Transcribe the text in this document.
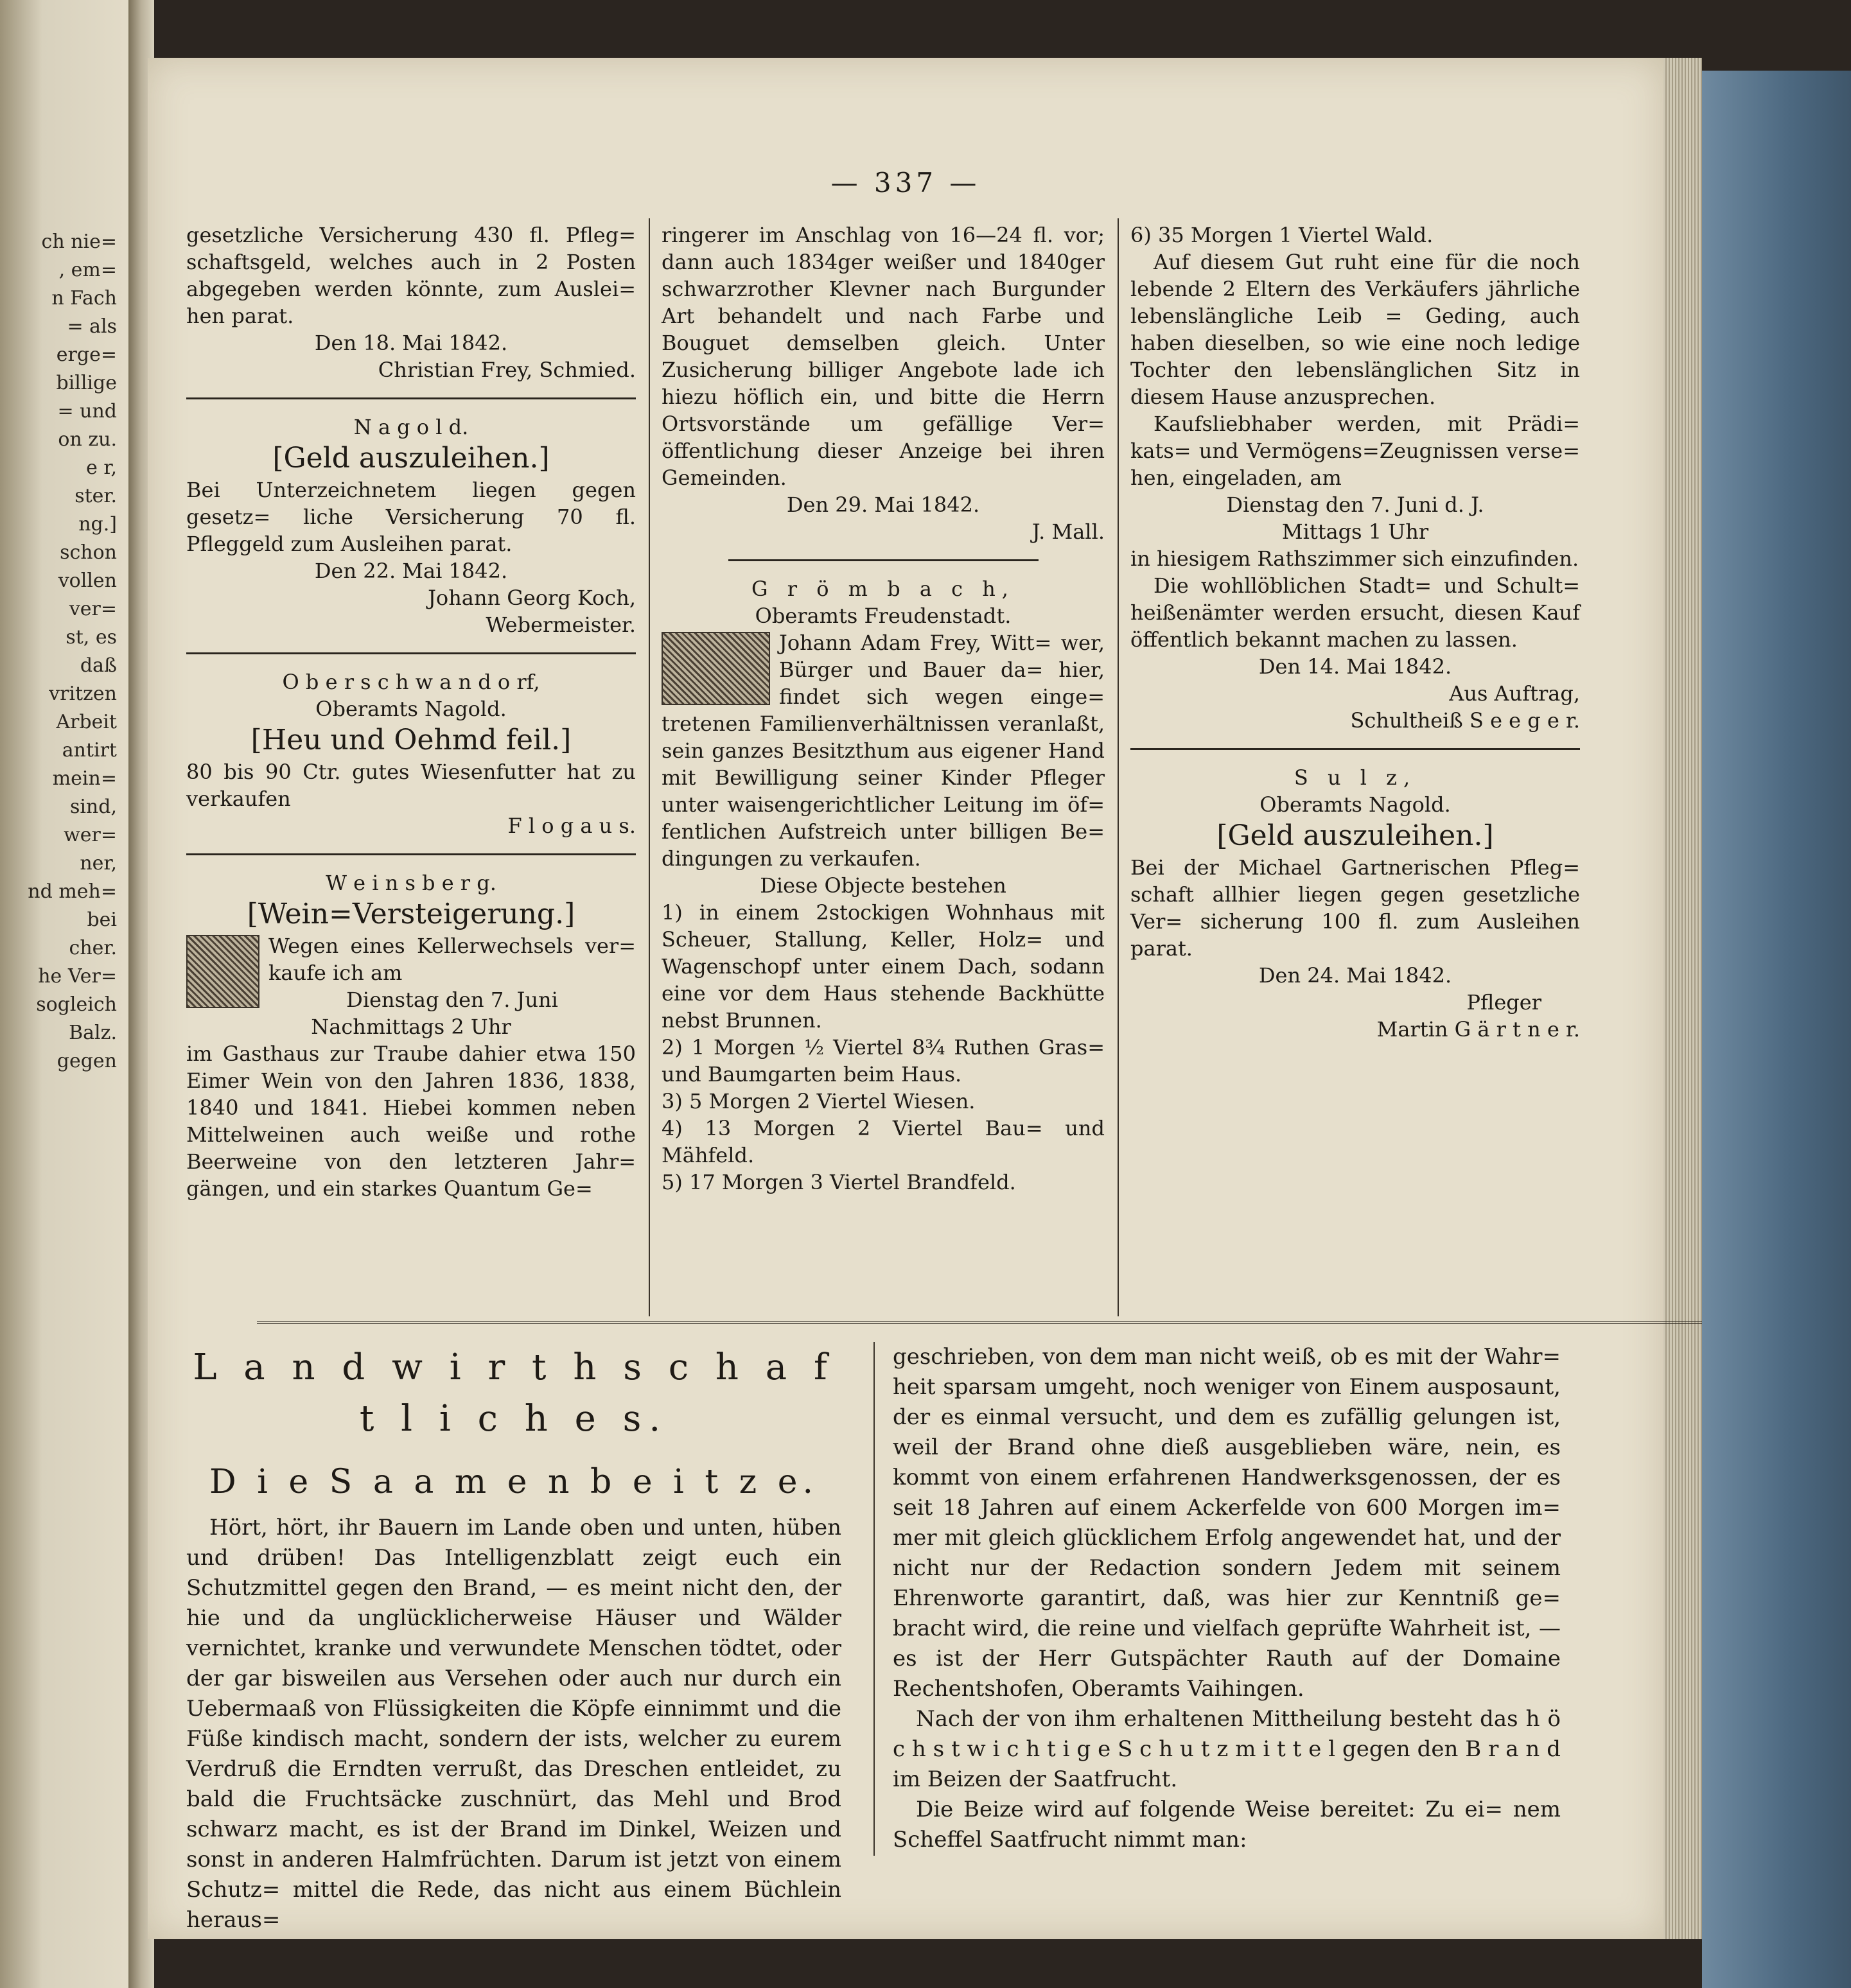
ch nie=

, em=

n Fach

= als

erge=

billige

= und

on zu.

e r,

ster.

ng.]

schon

vollen

ver=

st, es

daß

vritzen

Arbeit

antirt

mein=

sind,

wer=

ner,

nd meh=

bei

cher.

he Ver=

sogleich

Balz.

gegen

— 337 —

gesetzliche Versicherung 430 fl. Pfleg= schaftsgeld, welches auch in 2 Posten abgegeben werden könnte, zum Auslei= hen parat.

Den 18. Mai 1842.

Christian Frey, Schmied.

N a g o l d.

[Geld auszuleihen.]

Bei Unterzeichnetem liegen gegen gesetz= liche Versicherung 70 fl. Pfleggeld zum Ausleihen parat.

Den 22. Mai 1842.

Johann Georg Koch,

Webermeister.

O b e r s c h w a n d o rf,

Oberamts Nagold.

[Heu und Oehmd feil.]

80 bis 90 Ctr. gutes Wiesenfutter hat zu verkaufen

F l o g a u s.

W e i n s b e r g.

[Wein=Versteigerung.]

Wegen eines Kellerwechsels ver= kaufe ich am

Dienstag den 7. Juni

Nachmittags 2 Uhr

im Gasthaus zur Traube dahier etwa 150 Eimer Wein von den Jahren 1836, 1838, 1840 und 1841. Hiebei kommen neben Mittelweinen auch weiße und rothe Beerweine von den letzteren Jahr= gängen, und ein starkes Quantum Ge=

ringerer im Anschlag von 16—24 fl. vor; dann auch 1834ger weißer und 1840ger schwarzrother Klevner nach Burgunder Art behandelt und nach Farbe und Bouguet demselben gleich. Unter Zusicherung billiger Angebote lade ich hiezu höflich ein, und bitte die Herrn Ortsvorstände um gefällige Ver= öffentlichung dieser Anzeige bei ihren Gemeinden.

Den 29. Mai 1842.

J. Mall.

G r ö m b a c h,

Oberamts Freudenstadt.

Johann Adam Frey, Witt= wer, Bürger und Bauer da= hier, findet sich wegen einge= tretenen Familienverhältnissen veranlaßt, sein ganzes Besitzthum aus eigener Hand mit Bewilligung seiner Kinder Pfleger unter waisengerichtlicher Leitung im öf= fentlichen Aufstreich unter billigen Be= dingungen zu verkaufen.

Diese Objecte bestehen

1) in einem 2stockigen Wohnhaus mit Scheuer, Stallung, Keller, Holz= und Wagenschopf unter einem Dach, sodann eine vor dem Haus stehende Backhütte nebst Brunnen.

2) 1 Morgen ½ Viertel 8¾ Ruthen Gras= und Baumgarten beim Haus.

3) 5 Morgen 2 Viertel Wiesen.

4) 13 Morgen 2 Viertel Bau= und Mähfeld.

5) 17 Morgen 3 Viertel Brandfeld.

6) 35 Morgen 1 Viertel Wald.

Auf diesem Gut ruht eine für die noch lebende 2 Eltern des Verkäufers jährliche lebenslängliche Leib = Geding, auch haben dieselben, so wie eine noch ledige Tochter den lebenslänglichen Sitz in diesem Hause anzusprechen.

Kaufsliebhaber werden, mit Prädi= kats= und Vermögens=Zeugnissen verse= hen, eingeladen, am

Dienstag den 7. Juni d. J.

Mittags 1 Uhr

in hiesigem Rathszimmer sich einzufinden.

Die wohllöblichen Stadt= und Schult= heißenämter werden ersucht, diesen Kauf öffentlich bekannt machen zu lassen.

Den 14. Mai 1842.

Aus Auftrag,

Schultheiß S e e g e r.

S u l z,

Oberamts Nagold.

[Geld auszuleihen.]

Bei der Michael Gartnerischen Pfleg= schaft allhier liegen gegen gesetzliche Ver= sicherung 100 fl. zum Ausleihen parat.

Den 24. Mai 1842.

Pfleger

Martin G ä r t n e r.

L a n d w i r t h s c h a f t l i c h e s.

D i e S a a m e n b e i t z e.

Hört, hört, ihr Bauern im Lande oben und unten, hüben und drüben! Das Intelligenzblatt zeigt euch ein Schutzmittel gegen den Brand, — es meint nicht den, der hie und da unglücklicherweise Häuser und Wälder vernichtet, kranke und verwundete Menschen tödtet, oder der gar bisweilen aus Versehen oder auch nur durch ein Uebermaaß von Flüssigkeiten die Köpfe einnimmt und die Füße kindisch macht, sondern der ists, welcher zu eurem Verdruß die Erndten verrußt, das Dreschen entleidet, zu bald die Fruchtsäcke zuschnürt, das Mehl und Brod schwarz macht, es ist der Brand im Dinkel, Weizen und sonst in anderen Halmfrüchten. Darum ist jetzt von einem Schutz= mittel die Rede, das nicht aus einem Büchlein heraus=

geschrieben, von dem man nicht weiß, ob es mit der Wahr= heit sparsam umgeht, noch weniger von Einem ausposaunt, der es einmal versucht, und dem es zufällig gelungen ist, weil der Brand ohne dieß ausgeblieben wäre, nein, es kommt von einem erfahrenen Handwerksgenossen, der es seit 18 Jahren auf einem Ackerfelde von 600 Morgen im= mer mit gleich glücklichem Erfolg angewendet hat, und der nicht nur der Redaction sondern Jedem mit seinem Ehrenworte garantirt, daß, was hier zur Kenntniß ge= bracht wird, die reine und vielfach geprüfte Wahrheit ist, — es ist der Herr Gutspächter Rauth auf der Domaine Rechentshofen, Oberamts Vaihingen.

Nach der von ihm erhaltenen Mittheilung besteht das h ö c h s t w i c h t i g e S c h u t z m i t t e l gegen den B r a n d im Beizen der Saatfrucht.

Die Beize wird auf folgende Weise bereitet: Zu ei= nem Scheffel Saatfrucht nimmt man:
